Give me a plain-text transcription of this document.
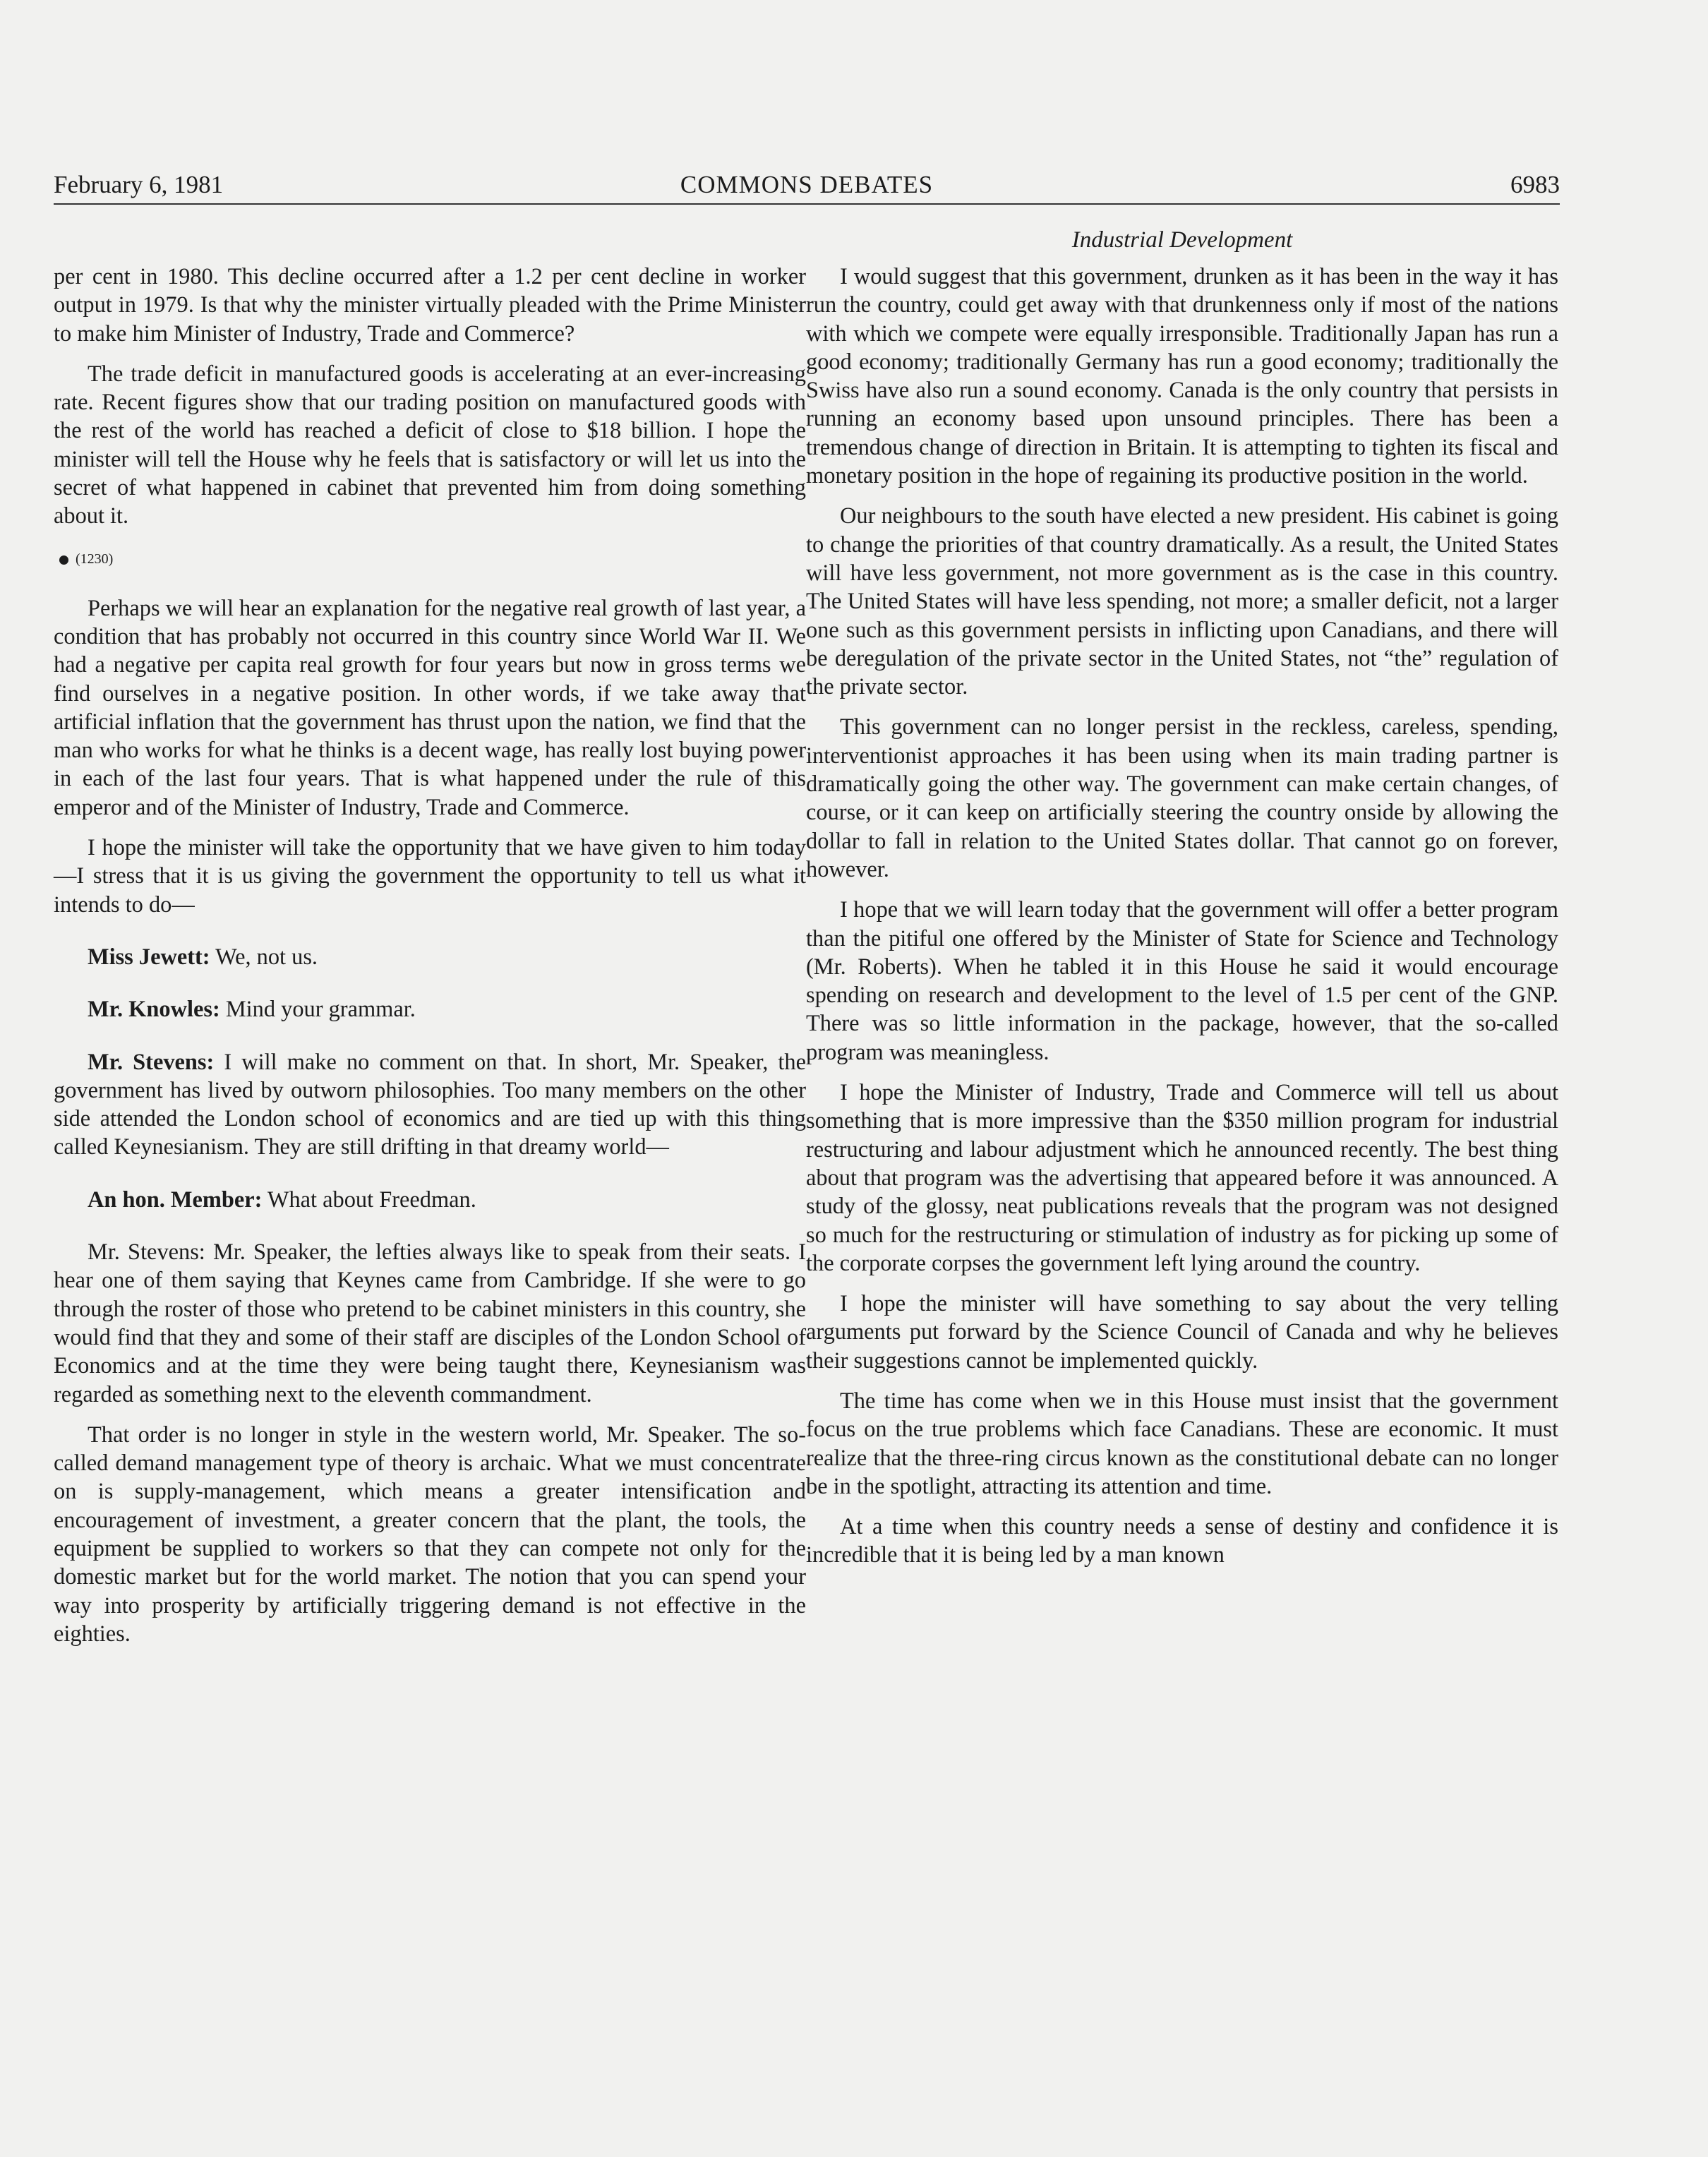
February 6, 1981	COMMONS DEBATES	6983

per cent in 1980. This decline occurred after a 1.2 per cent decline in worker output in 1979. Is that why the minister virtually pleaded with the Prime Minister to make him Minister of Industry, Trade and Commerce?

The trade deficit in manufactured goods is accelerating at an ever-increasing rate. Recent figures show that our trading position on manufactured goods with the rest of the world has reached a deficit of close to $18 billion. I hope the minister will tell the House why he feels that is satisfactory or will let us into the secret of what happened in cabinet that prevented him from doing something about it.

(1230)

Perhaps we will hear an explanation for the negative real growth of last year, a condition that has probably not occurred in this country since World War II. We had a negative per capita real growth for four years but now in gross terms we find ourselves in a negative position. In other words, if we take away that artificial inflation that the government has thrust upon the nation, we find that the man who works for what he thinks is a decent wage, has really lost buying power in each of the last four years. That is what happened under the rule of this emperor and of the Minister of Industry, Trade and Commerce.

I hope the minister will take the opportunity that we have given to him today—I stress that it is us giving the government the opportunity to tell us what it intends to do—

Miss Jewett: We, not us.

Mr. Knowles: Mind your grammar.

Mr. Stevens: I will make no comment on that. In short, Mr. Speaker, the government has lived by outworn philosophies. Too many members on the other side attended the London school of economics and are tied up with this thing called Keynesianism. They are still drifting in that dreamy world—

An hon. Member: What about Freedman.

Mr. Stevens: Mr. Speaker, the lefties always like to speak from their seats. I hear one of them saying that Keynes came from Cambridge. If she were to go through the roster of those who pretend to be cabinet ministers in this country, she would find that they and some of their staff are disciples of the London School of Economics and at the time they were being taught there, Keynesianism was regarded as something next to the eleventh commandment.

That order is no longer in style in the western world, Mr. Speaker. The so-called demand management type of theory is archaic. What we must concentrate on is supply-management, which means a greater intensification and encouragement of investment, a greater concern that the plant, the tools, the equipment be supplied to workers so that they can compete not only for the domestic market but for the world market. The notion that you can spend your way into prosperity by artificially triggering demand is not effective in the eighties.

Industrial Development

I would suggest that this government, drunken as it has been in the way it has run the country, could get away with that drunkenness only if most of the nations with which we compete were equally irresponsible. Traditionally Japan has run a good economy; traditionally Germany has run a good economy; traditionally the Swiss have also run a sound economy. Canada is the only country that persists in running an economy based upon unsound principles. There has been a tremendous change of direction in Britain. It is attempting to tighten its fiscal and monetary position in the hope of regaining its productive position in the world.

Our neighbours to the south have elected a new president. His cabinet is going to change the priorities of that country dramatically. As a result, the United States will have less government, not more government as is the case in this country. The United States will have less spending, not more; a smaller deficit, not a larger one such as this government persists in inflicting upon Canadians, and there will be deregulation of the private sector in the United States, not “the” regulation of the private sector.

This government can no longer persist in the reckless, careless, spending, interventionist approaches it has been using when its main trading partner is dramatically going the other way. The government can make certain changes, of course, or it can keep on artificially steering the country onside by allowing the dollar to fall in relation to the United States dollar. That cannot go on forever, however.

I hope that we will learn today that the government will offer a better program than the pitiful one offered by the Minister of State for Science and Technology (Mr. Roberts). When he tabled it in this House he said it would encourage spending on research and development to the level of 1.5 per cent of the GNP. There was so little information in the package, however, that the so-called program was meaningless.

I hope the Minister of Industry, Trade and Commerce will tell us about something that is more impressive than the $350 million program for industrial restructuring and labour adjustment which he announced recently. The best thing about that program was the advertising that appeared before it was announced. A study of the glossy, neat publications reveals that the program was not designed so much for the restructuring or stimulation of industry as for picking up some of the corporate corpses the government left lying around the country.

I hope the minister will have something to say about the very telling arguments put forward by the Science Council of Canada and why he believes their suggestions cannot be implemented quickly.

The time has come when we in this House must insist that the government focus on the true problems which face Canadians. These are economic. It must realize that the three-ring circus known as the constitutional debate can no longer be in the spotlight, attracting its attention and time.

At a time when this country needs a sense of destiny and confidence it is incredible that it is being led by a man known
